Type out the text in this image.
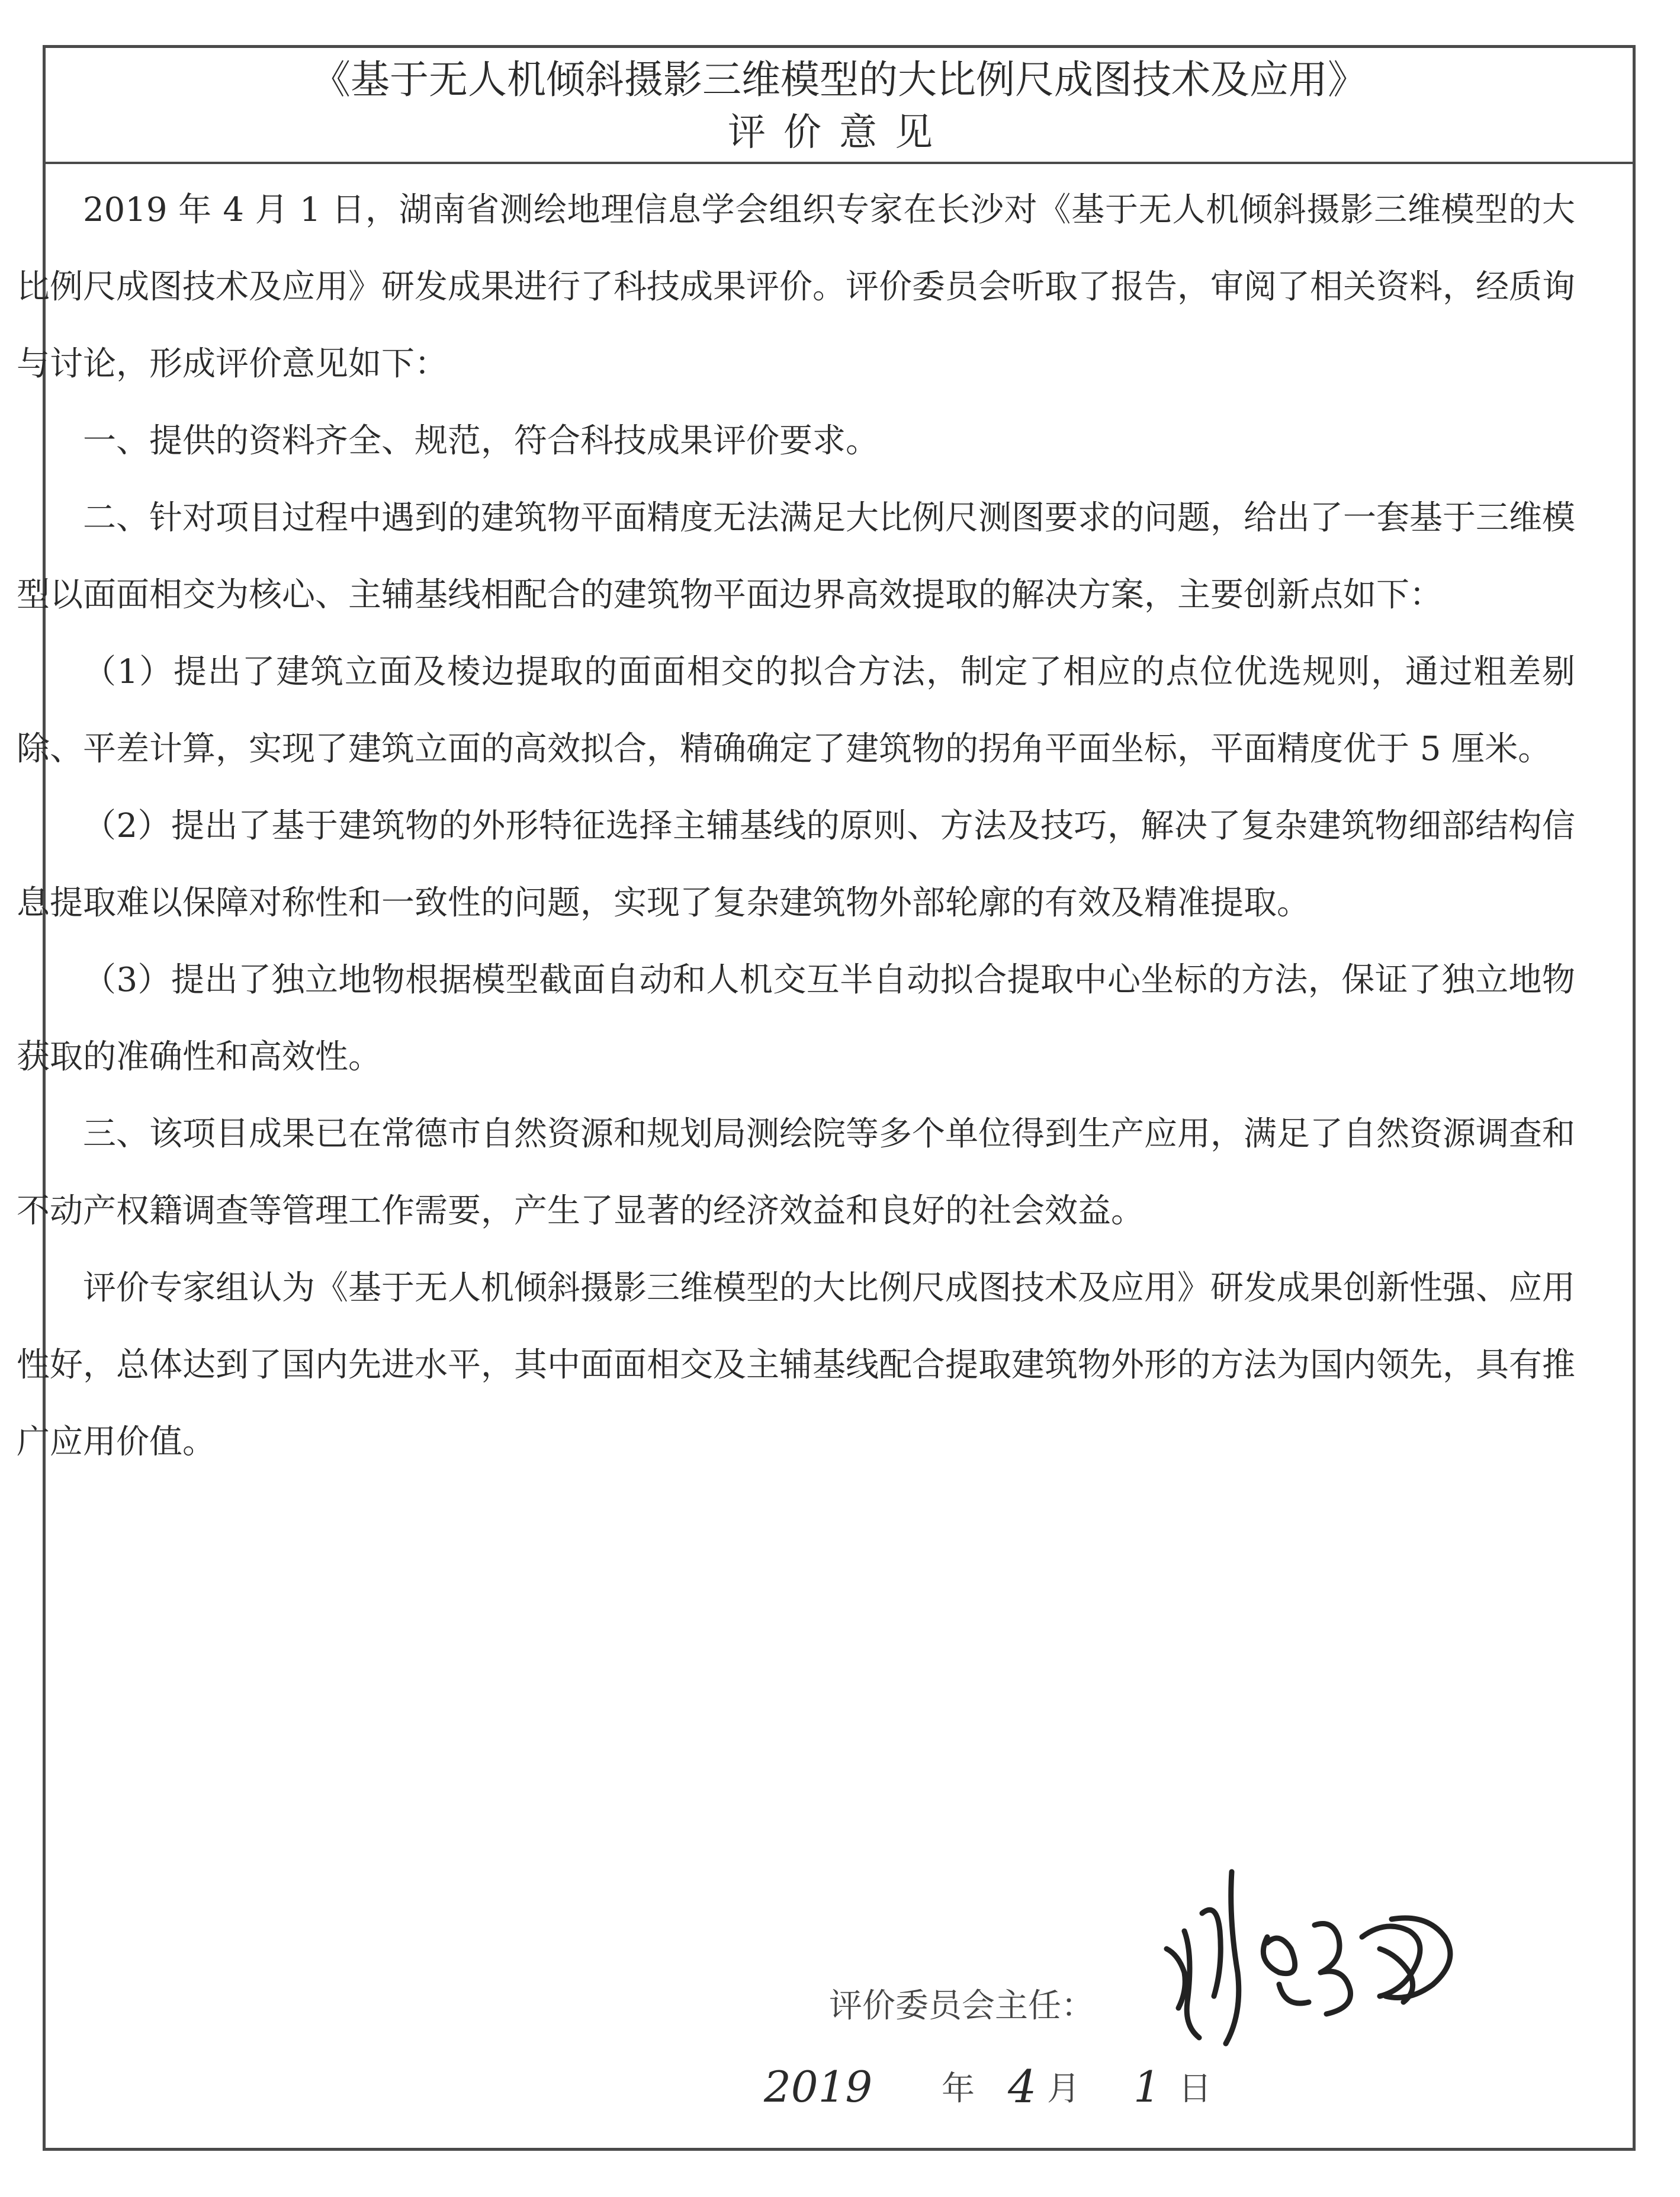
《基于无人机倾斜摄影三维模型的大比例尺成图技术及应用》
评价意见

2019 年 4 月 1 日，湖南省测绘地理信息学会组织专家在长沙对《基于无人机倾斜摄影三维模型的大比例尺成图技术及应用》研发成果进行了科技成果评价。评价委员会听取了报告，审阅了相关资料，经质询与讨论，形成评价意见如下：

一、提供的资料齐全、规范，符合科技成果评价要求。

二、针对项目过程中遇到的建筑物平面精度无法满足大比例尺测图要求的问题，给出了一套基于三维模型以面面相交为核心、主辅基线相配合的建筑物平面边界高效提取的解决方案，主要创新点如下：

（1）提出了建筑立面及棱边提取的面面相交的拟合方法，制定了相应的点位优选规则，通过粗差剔除、平差计算，实现了建筑立面的高效拟合，精确确定了建筑物的拐角平面坐标，平面精度优于 5 厘米。

（2）提出了基于建筑物的外形特征选择主辅基线的原则、方法及技巧，解决了复杂建筑物细部结构信息提取难以保障对称性和一致性的问题，实现了复杂建筑物外部轮廓的有效及精准提取。

（3）提出了独立地物根据模型截面自动和人机交互半自动拟合提取中心坐标的方法，保证了独立地物获取的准确性和高效性。

三、该项目成果已在常德市自然资源和规划局测绘院等多个单位得到生产应用，满足了自然资源调查和不动产权籍调查等管理工作需要，产生了显著的经济效益和良好的社会效益。

评价专家组认为《基于无人机倾斜摄影三维模型的大比例尺成图技术及应用》研发成果创新性强、应用性好，总体达到了国内先进水平，其中面面相交及主辅基线配合提取建筑物外形的方法为国内领先，具有推广应用价值。

评价委员会主任：
2019 年 4 月 1 日
